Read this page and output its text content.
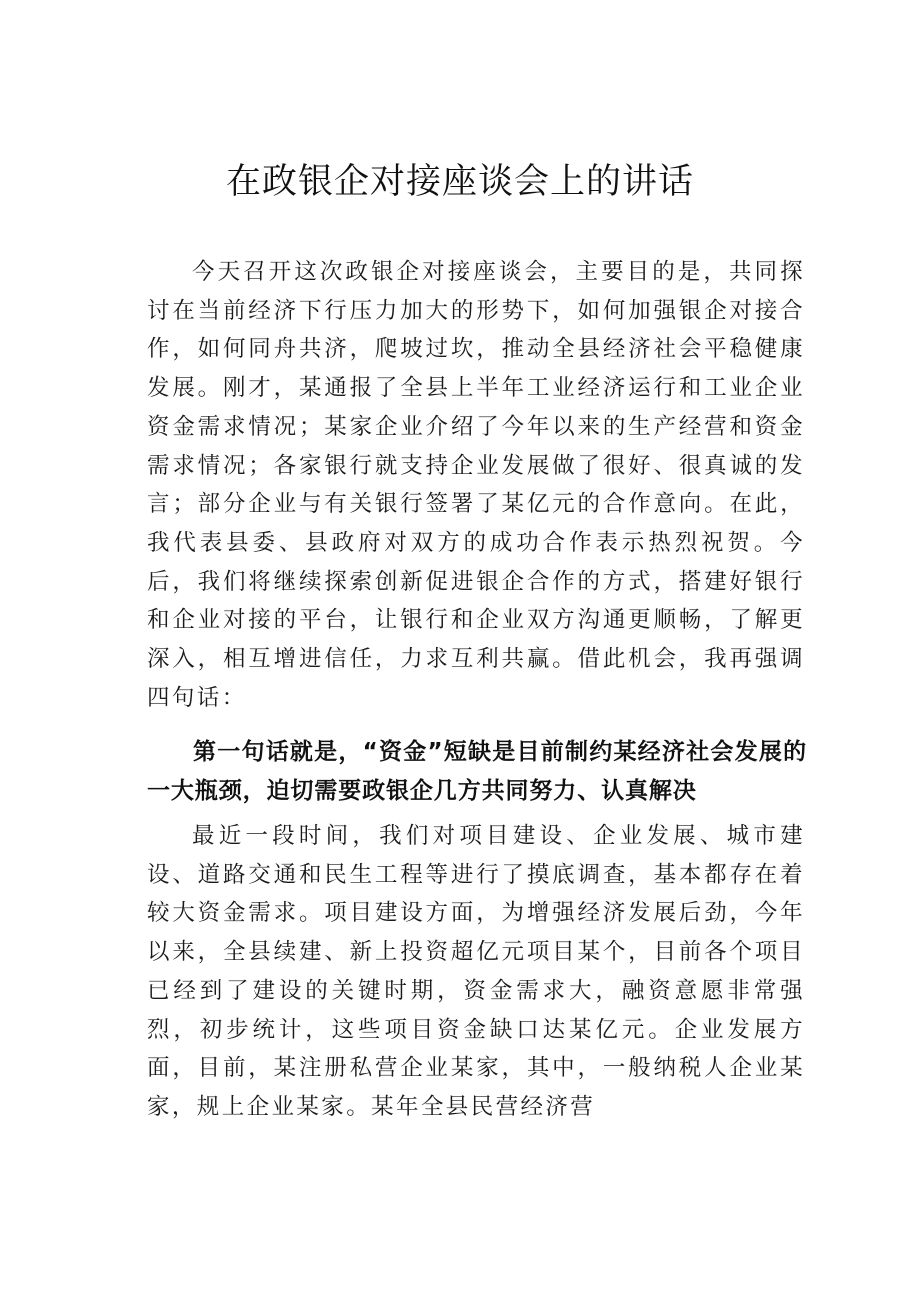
在政银企对接座谈会上的讲话

今天召开这次政银企对接座谈会，主要目的是，共同探讨在当前经济下行压力加大的形势下，如何加强银企对接合作，如何同舟共济，爬坡过坎，推动全县经济社会平稳健康发展。刚才，某通报了全县上半年工业经济运行和工业企业资金需求情况；某家企业介绍了今年以来的生产经营和资金需求情况；各家银行就支持企业发展做了很好、很真诚的发言；部分企业与有关银行签署了某亿元的合作意向。在此，我代表县委、县政府对双方的成功合作表示热烈祝贺。今后，我们将继续探索创新促进银企合作的方式，搭建好银行和企业对接的平台，让银行和企业双方沟通更顺畅，了解更深入，相互增进信任，力求互利共赢。借此机会，我再强调四句话：

第一句话就是，“资金”短缺是目前制约某经济社会发展的一大瓶颈，迫切需要政银企几方共同努力、认真解决

最近一段时间，我们对项目建设、企业发展、城市建设、道路交通和民生工程等进行了摸底调查，基本都存在着较大资金需求。项目建设方面，为增强经济发展后劲，今年以来，全县续建、新上投资超亿元项目某个，目前各个项目已经到了建设的关键时期，资金需求大，融资意愿非常强烈，初步统计，这些项目资金缺口达某亿元。企业发展方面，目前，某注册私营企业某家，其中，一般纳税人企业某家，规上企业某家。某年全县民营经济营
